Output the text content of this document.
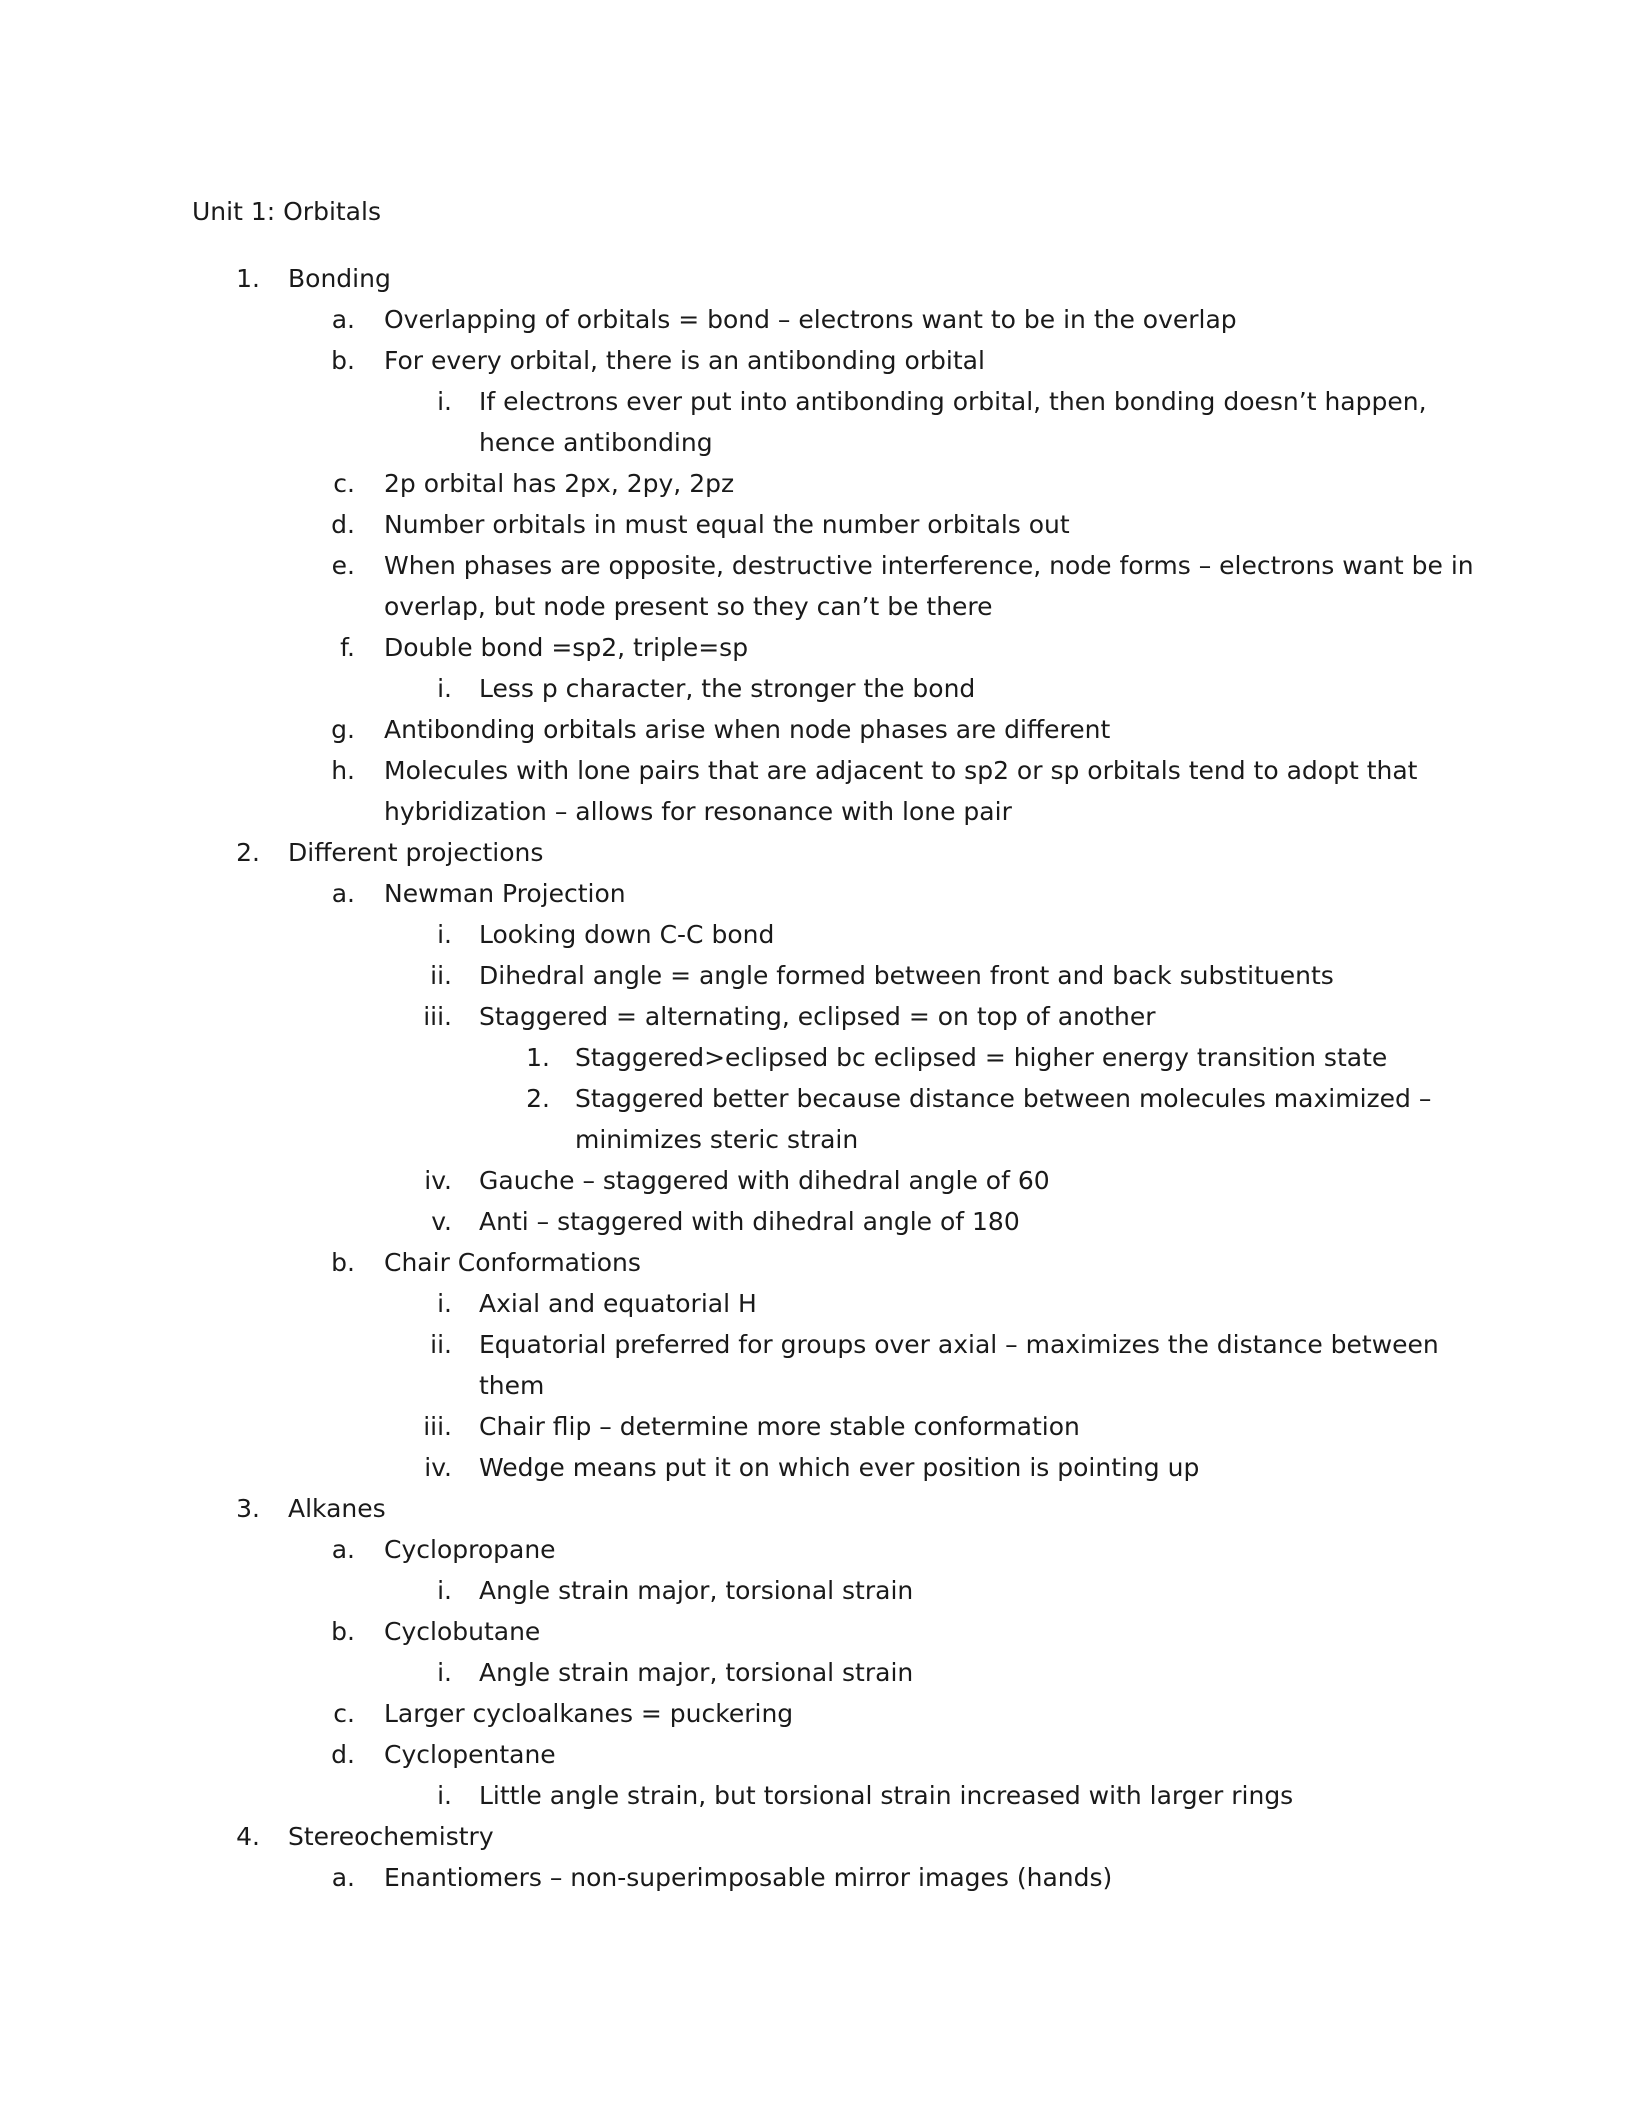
Unit 1: Orbitals
1. Bonding
a. Overlapping of orbitals = bond – electrons want to be in the overlap
b. For every orbital, there is an antibonding orbital
i. If electrons ever put into antibonding orbital, then bonding doesn’t happen,
hence antibonding
c. 2p orbital has 2px, 2py, 2pz
d. Number orbitals in must equal the number orbitals out
e. When phases are opposite, destructive interference, node forms – electrons want be in
overlap, but node present so they can’t be there
f. Double bond =sp2, triple=sp
i. Less p character, the stronger the bond
g. Antibonding orbitals arise when node phases are different
h. Molecules with lone pairs that are adjacent to sp2 or sp orbitals tend to adopt that
hybridization – allows for resonance with lone pair
2. Different projections
a. Newman Projection
i. Looking down C-C bond
ii. Dihedral angle = angle formed between front and back substituents
iii. Staggered = alternating, eclipsed = on top of another
1. Staggered>eclipsed bc eclipsed = higher energy transition state
2. Staggered better because distance between molecules maximized –
minimizes steric strain
iv. Gauche – staggered with dihedral angle of 60
v. Anti – staggered with dihedral angle of 180
b. Chair Conformations
i. Axial and equatorial H
ii. Equatorial preferred for groups over axial – maximizes the distance between
them
iii. Chair flip – determine more stable conformation
iv. Wedge means put it on which ever position is pointing up
3. Alkanes
a. Cyclopropane
i. Angle strain major, torsional strain
b. Cyclobutane
i. Angle strain major, torsional strain
c. Larger cycloalkanes = puckering
d. Cyclopentane
i. Little angle strain, but torsional strain increased with larger rings
4. Stereochemistry
a. Enantiomers – non-superimposable mirror images (hands)
